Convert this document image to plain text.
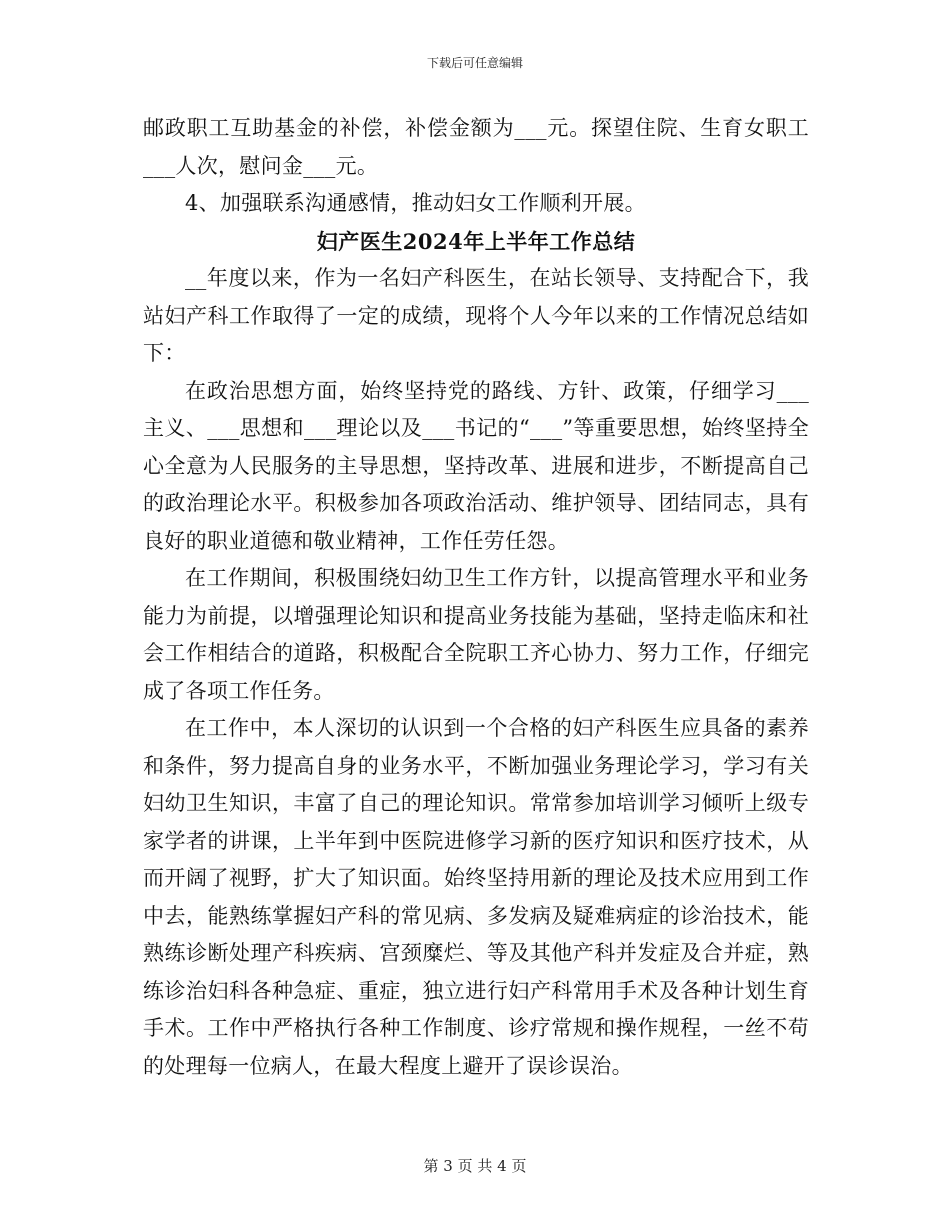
下载后可任意编辑

邮政职工互助基金的补偿，补偿金额为___元。探望住院、生育女职工___人次，慰问金___元。

4、加强联系沟通感情，推动妇女工作顺利开展。

妇产医生2024年上半年工作总结

__年度以来，作为一名妇产科医生，在站长领导、支持配合下，我站妇产科工作取得了一定的成绩，现将个人今年以来的工作情况总结如下：

在政治思想方面，始终坚持党的路线、方针、政策，仔细学习___主义、___思想和___理论以及___书记的“___”等重要思想，始终坚持全心全意为人民服务的主导思想，坚持改革、进展和进步，不断提高自己的政治理论水平。积极参加各项政治活动、维护领导、团结同志，具有良好的职业道德和敬业精神，工作任劳任怨。

在工作期间，积极围绕妇幼卫生工作方针，以提高管理水平和业务能力为前提，以增强理论知识和提高业务技能为基础，坚持走临床和社会工作相结合的道路，积极配合全院职工齐心协力、努力工作，仔细完成了各项工作任务。

在工作中，本人深切的认识到一个合格的妇产科医生应具备的素养和条件，努力提高自身的业务水平，不断加强业务理论学习，学习有关妇幼卫生知识，丰富了自己的理论知识。常常参加培训学习倾听上级专家学者的讲课，上半年到中医院进修学习新的医疗知识和医疗技术，从而开阔了视野，扩大了知识面。始终坚持用新的理论及技术应用到工作中去，能熟练掌握妇产科的常见病、多发病及疑难病症的诊治技术，能熟练诊断处理产科疾病、宫颈糜烂、等及其他产科并发症及合并症，熟练诊治妇科各种急症、重症，独立进行妇产科常用手术及各种计划生育手术。工作中严格执行各种工作制度、诊疗常规和操作规程，一丝不苟的处理每一位病人，在最大程度上避开了误诊误治。

第 3 页 共 4 页
